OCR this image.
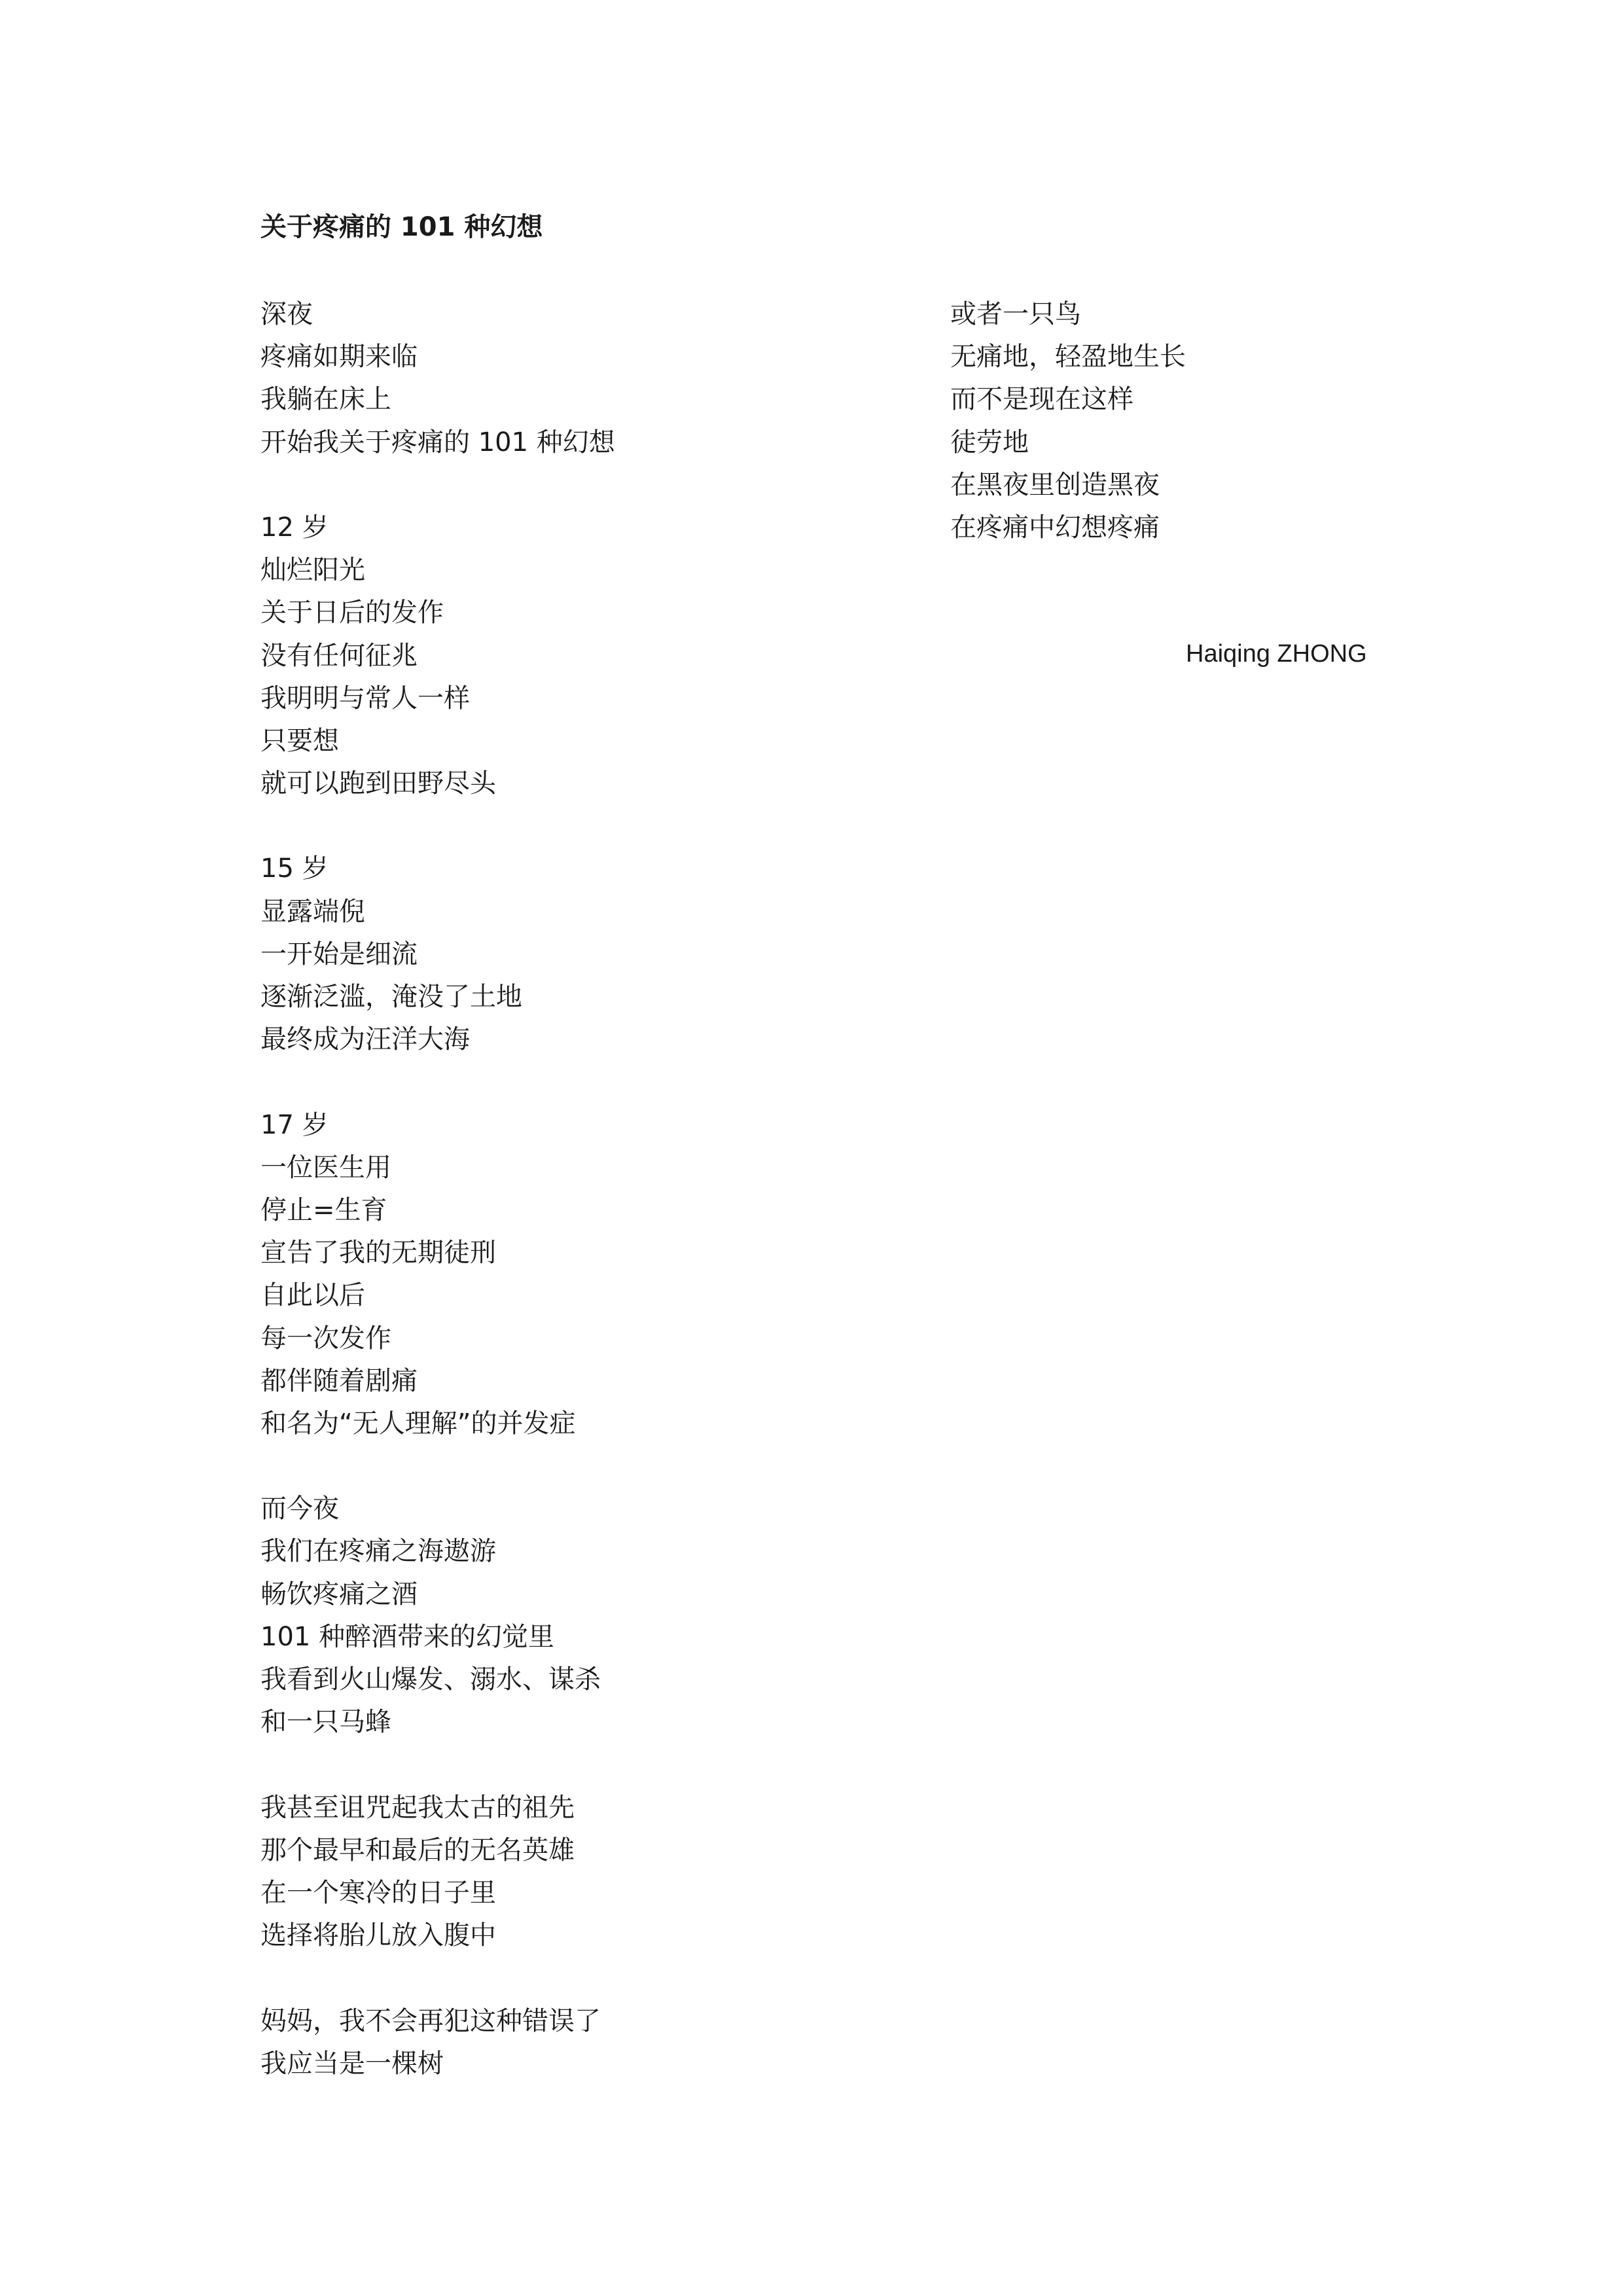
关于疼痛的 101 种幻想
深夜
疼痛如期来临
我躺在床上
开始我关于疼痛的 101 种幻想
12 岁
灿烂阳光
关于日后的发作
没有任何征兆
我明明与常人一样
只要想
就可以跑到田野尽头
15 岁
显露端倪
一开始是细流
逐渐泛滥，淹没了土地
最终成为汪洋大海
17 岁
一位医生用
停止=生育
宣告了我的无期徒刑
自此以后
每一次发作
都伴随着剧痛
和名为“无人理解”的并发症
而今夜
我们在疼痛之海遨游
畅饮疼痛之酒
101 种醉酒带来的幻觉里
我看到火山爆发、溺水、谋杀
和一只马蜂
我甚至诅咒起我太古的祖先
那个最早和最后的无名英雄
在一个寒冷的日子里
选择将胎儿放入腹中
妈妈，我不会再犯这种错误了
我应当是一棵树
或者一只鸟
无痛地，轻盈地生长
而不是现在这样
徒劳地
在黑夜里创造黑夜
在疼痛中幻想疼痛
Haiqing ZHONG
